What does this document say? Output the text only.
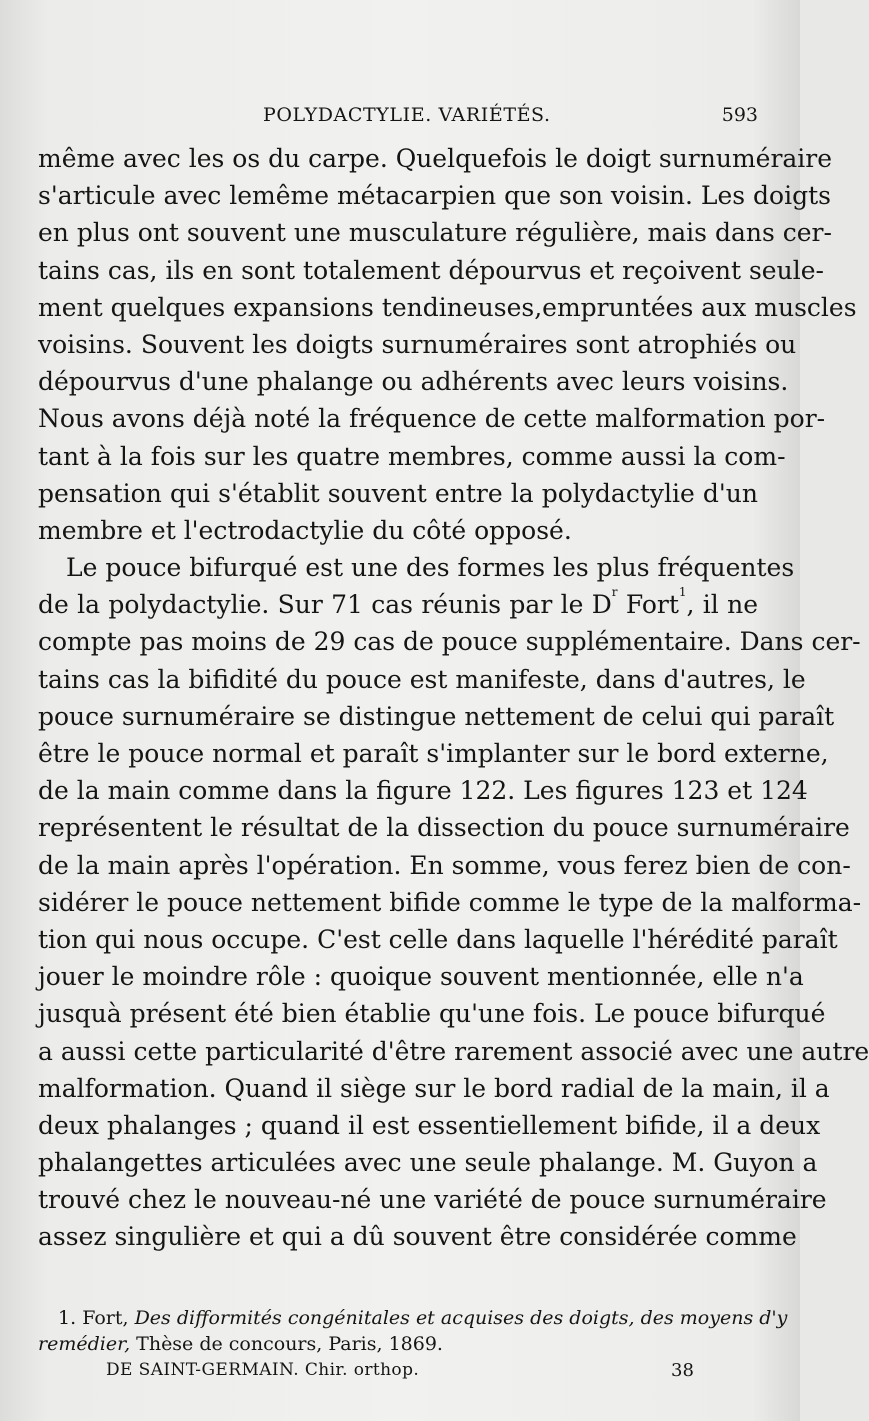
POLYDACTYLIE. VARIÉTÉS.	593
même avec les os du carpe. Quelquefois le doigt surnuméraire
s'articule avec lemême métacarpien que son voisin. Les doigts
en plus ont souvent une musculature régulière, mais dans cer-
tains cas, ils en sont totalement dépourvus et reçoivent seule-
ment quelques expansions tendineuses,empruntées aux muscles
voisins. Souvent les doigts surnuméraires sont atrophiés ou
dépourvus d'une phalange ou adhérents avec leurs voisins.
Nous avons déjà noté la fréquence de cette malformation por-
tant à la fois sur les quatre membres, comme aussi la com-
pensation qui s'établit souvent entre la polydactylie d'un
membre et l'ectrodactylie du côté opposé.
Le pouce bifurqué est une des formes les plus fréquentes
de la polydactylie. Sur 71 cas réunis par le $D^r$ Fort$^1$, il ne
compte pas moins de 29 cas de pouce supplémentaire. Dans cer-
tains cas la bifidité du pouce est manifeste, dans d'autres, le
pouce surnuméraire se distingue nettement de celui qui paraît
être le pouce normal et paraît s'implanter sur le bord externe,
de la main comme dans la figure 122. Les figures 123 et 124
représentent le résultat de la dissection du pouce surnuméraire
de la main après l'opération. En somme, vous ferez bien de con-
sidérer le pouce nettement bifide comme le type de la malforma-
tion qui nous occupe. C'est celle dans laquelle l'hérédité paraît
jouer le moindre rôle : quoique souvent mentionnée, elle n'a
jusquà présent été bien établie qu'une fois. Le pouce bifurqué
a aussi cette particularité d'être rarement associé avec une autre
malformation. Quand il siège sur le bord radial de la main, il a
deux phalanges ; quand il est essentiellement bifide, il a deux
phalangettes articulées avec une seule phalange. M. Guyon a
trouvé chez le nouveau-né une variété de pouce surnuméraire
assez singulière et qui a dû souvent être considérée comme
1. Fort, Des difformités congénitales et acquises des doigts, des moyens d'y
remédier, Thèse de concours, Paris, 1869.
DE SAINT-GERMAIN. Chir. orthop.	38
